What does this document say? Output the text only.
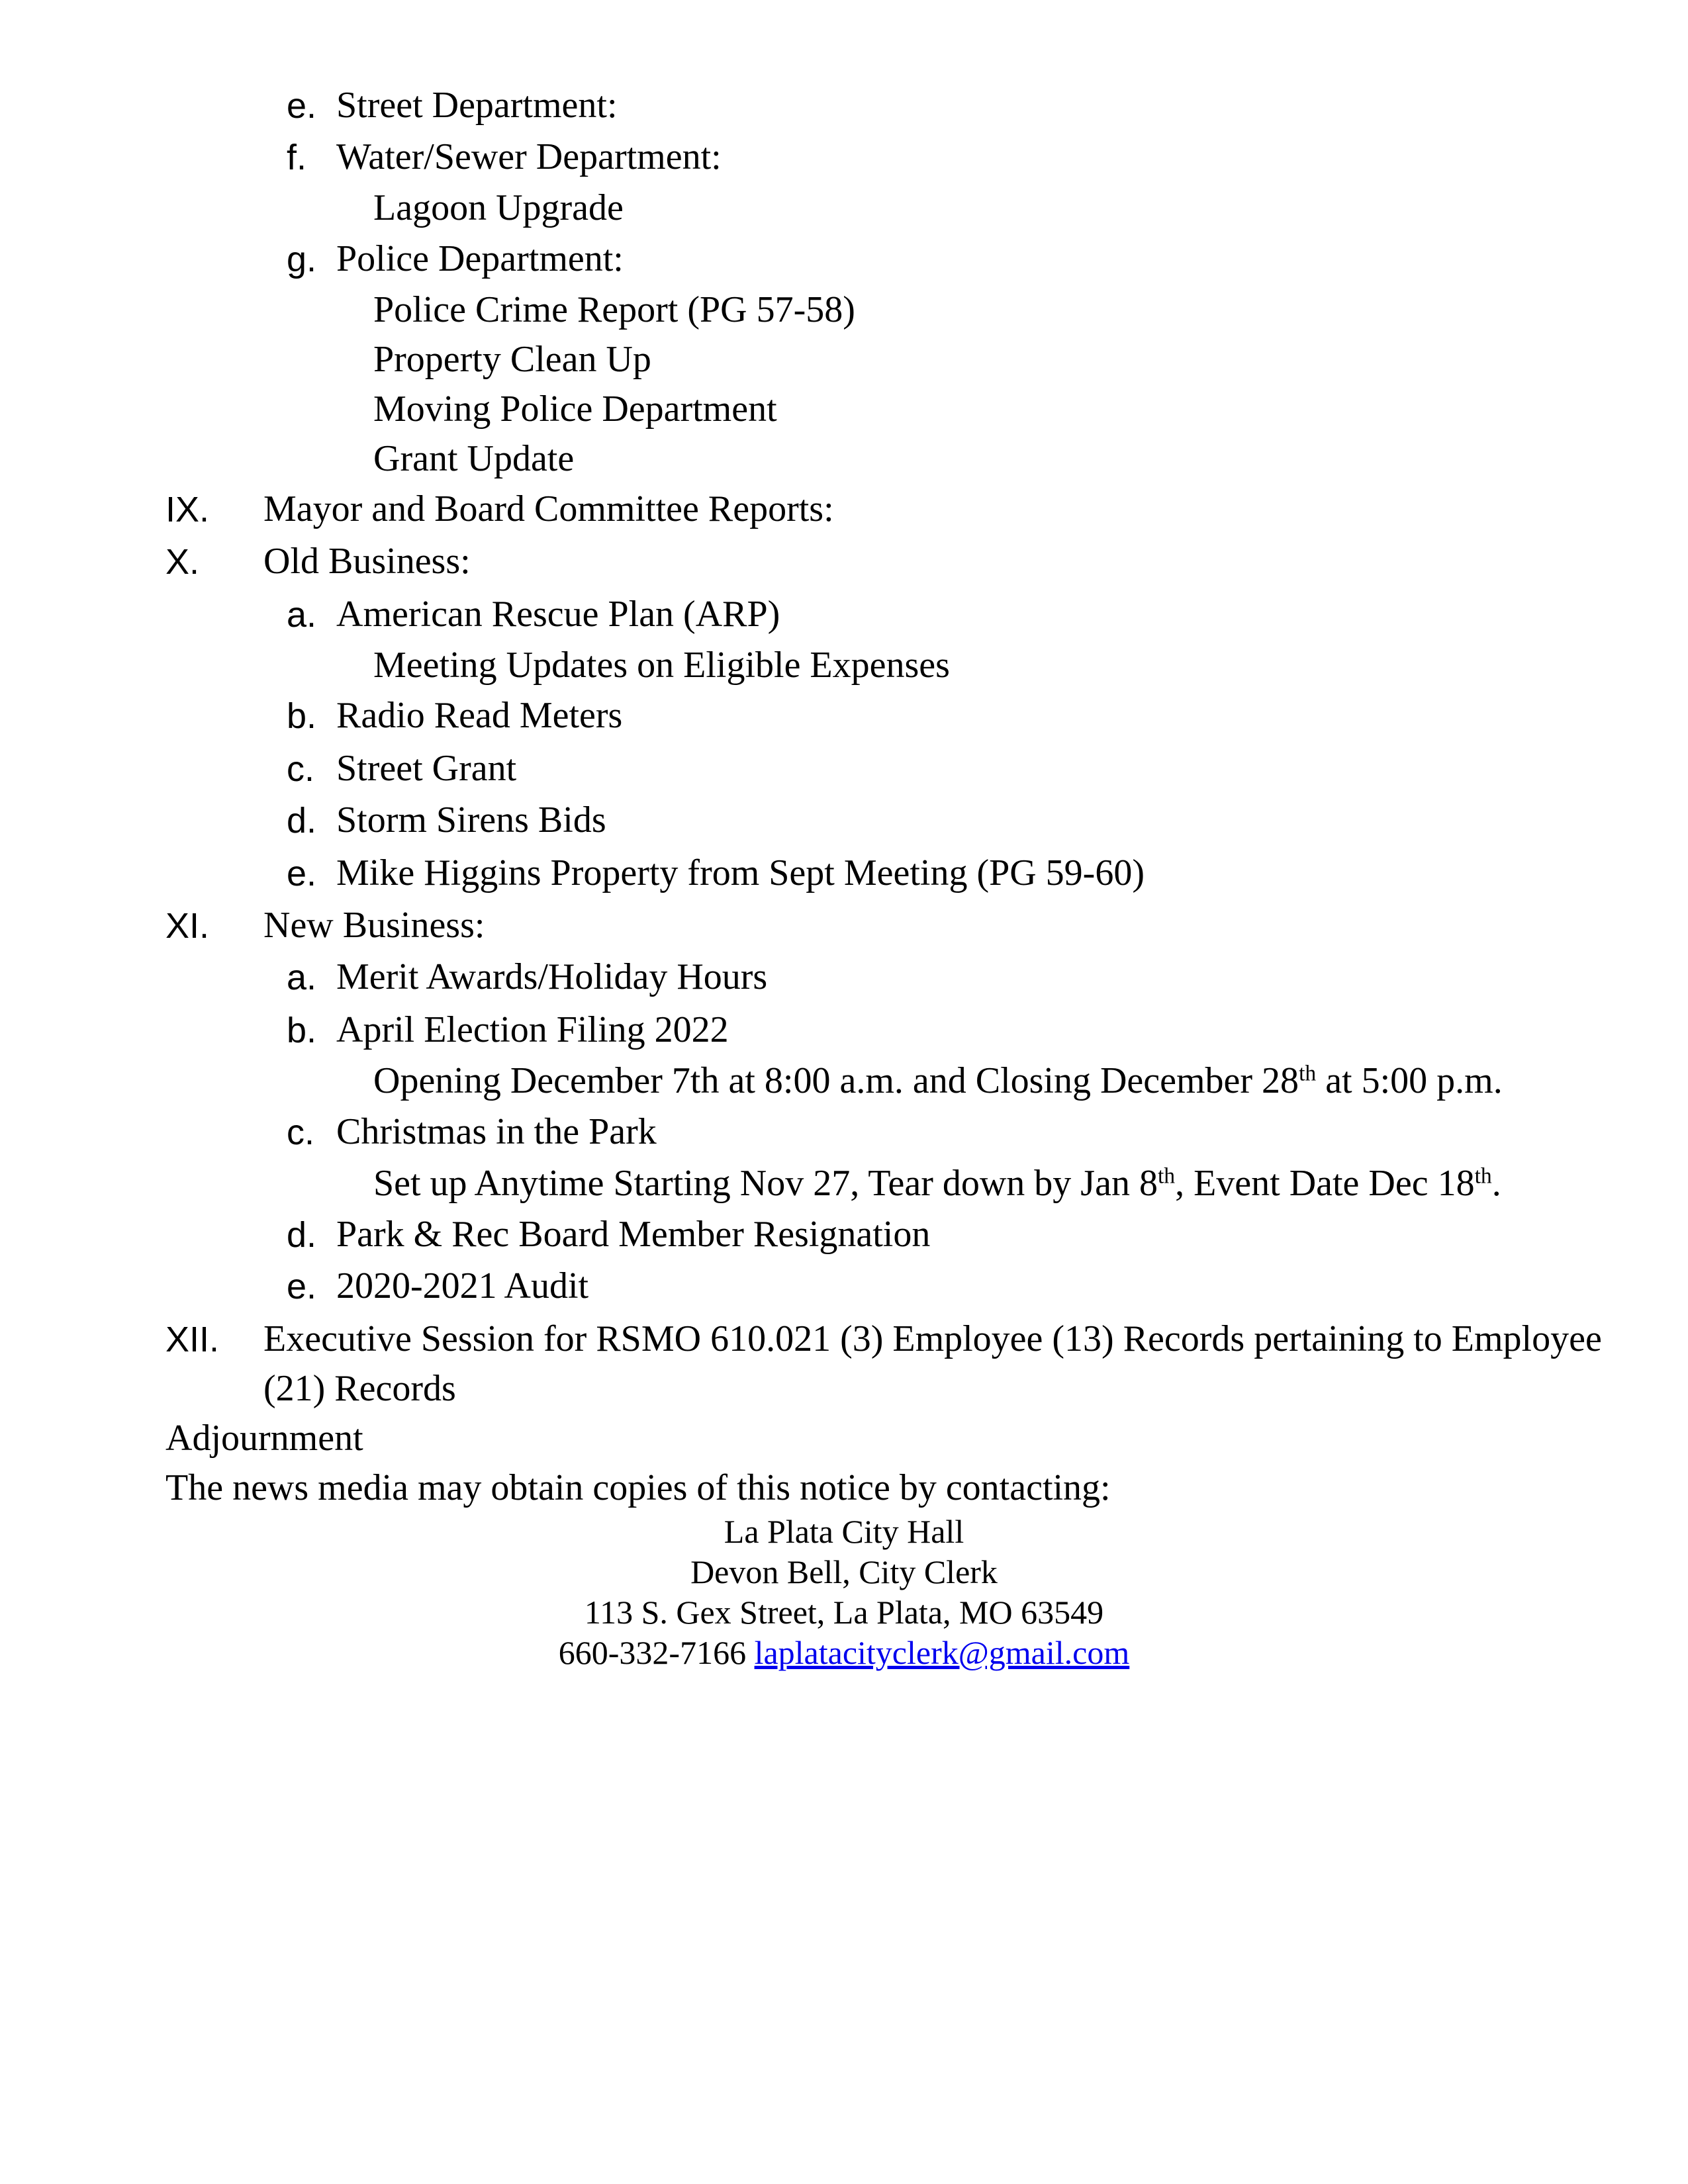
e. Street Department:
f. Water/Sewer Department:
Lagoon Upgrade
g. Police Department:
Police Crime Report (PG 57-58)
Property Clean Up
Moving Police Department
Grant Update
IX. Mayor and Board Committee Reports:
X. Old Business:
a. American Rescue Plan (ARP)
Meeting Updates on Eligible Expenses
b. Radio Read Meters
c. Street Grant
d. Storm Sirens Bids
e. Mike Higgins Property from Sept Meeting (PG 59-60)
XI. New Business:
a. Merit Awards/Holiday Hours
b. April Election Filing 2022
Opening December 7th at 8:00 a.m. and Closing December 28th at 5:00 p.m.
c. Christmas in the Park
Set up Anytime Starting Nov 27, Tear down by Jan 8th, Event Date Dec 18th.
d. Park & Rec Board Member Resignation
e. 2020-2021 Audit
XII. Executive Session for RSMO 610.021 (3) Employee (13) Records pertaining to Employee
(21) Records
Adjournment
The news media may obtain copies of this notice by contacting:
La Plata City Hall
Devon Bell, City Clerk
113 S. Gex Street, La Plata, MO 63549
660-332-7166 laplatacityclerk@gmail.com
